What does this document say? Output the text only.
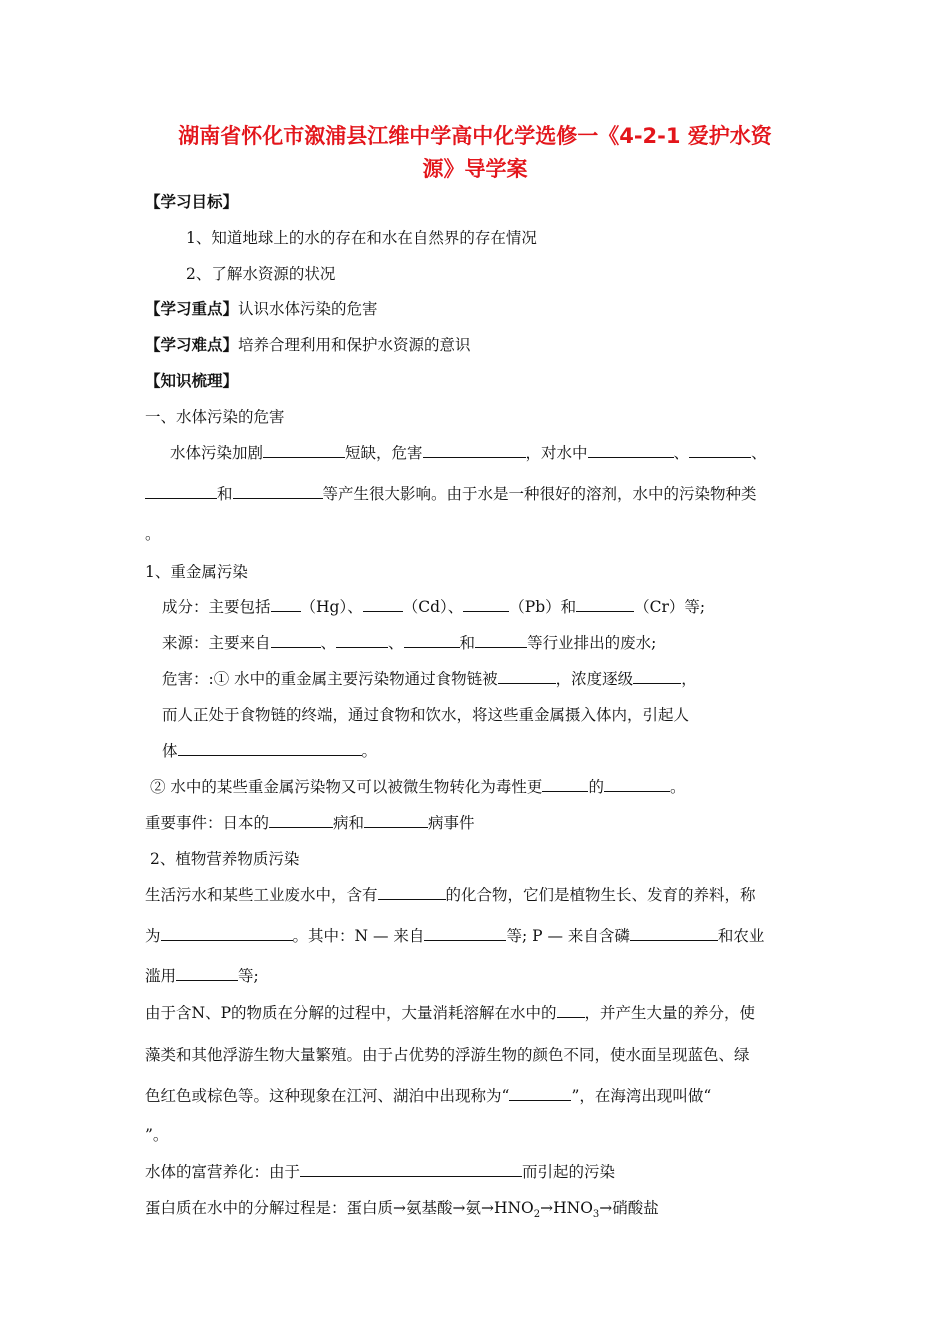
湖南省怀化市溆浦县江维中学高中化学选修一《4-2-1 爱护水资
源》导学案
【学习目标】
1、知道地球上的水的存在和水在自然界的存在情况
2、了解水资源的状况
【学习重点】认识水体污染的危害
【学习难点】培养合理利用和保护水资源的意识
【知识梳理】
一、水体污染的危害
水体污染加剧	短缺，危害	，对水中	、	、
和	等产生很大影响。由于水是一种很好的溶剂，水中的污染物种类
。
1、重金属污染
成分：主要包括 （Hg）、	（Cd）、	（Pb）和	（Cr）等;
来源：主要来自	、	、	和	等行业排出的废水;
危害：:① 水中的重金属主要污染物通过食物链被	，浓度逐级	，
而人正处于食物链的终端，通过食物和饮水，将这些重金属摄入体内，引起人
体	。
② 水中的某些重金属污染物又可以被微生物转化为毒性更	的	。
重要事件：日本的	病和	病事件
2、植物营养物质污染
生活污水和某些工业废水中，含有	的化合物，它们是植物生长、发育的养料，称
为	。其中：N — 来自	等; P — 来自含磷	和农业
滥用	等;
由于含N、P的物质在分解的过程中，大量消耗溶解在水中的 ，并产生大量的养分，使
藻类和其他浮游生物大量繁殖。由于占优势的浮游生物的颜色不同，使水面呈现蓝色、绿
色红色或棕色等。这种现象在江河、湖泊中出现称为“	”，在海湾出现叫做“
”。
水体的富营养化：由于	而引起的污染
蛋白质在水中的分解过程是：蛋白质→氨基酸→氨$\to HNO_2\to HNO_3\to$硝酸盐
